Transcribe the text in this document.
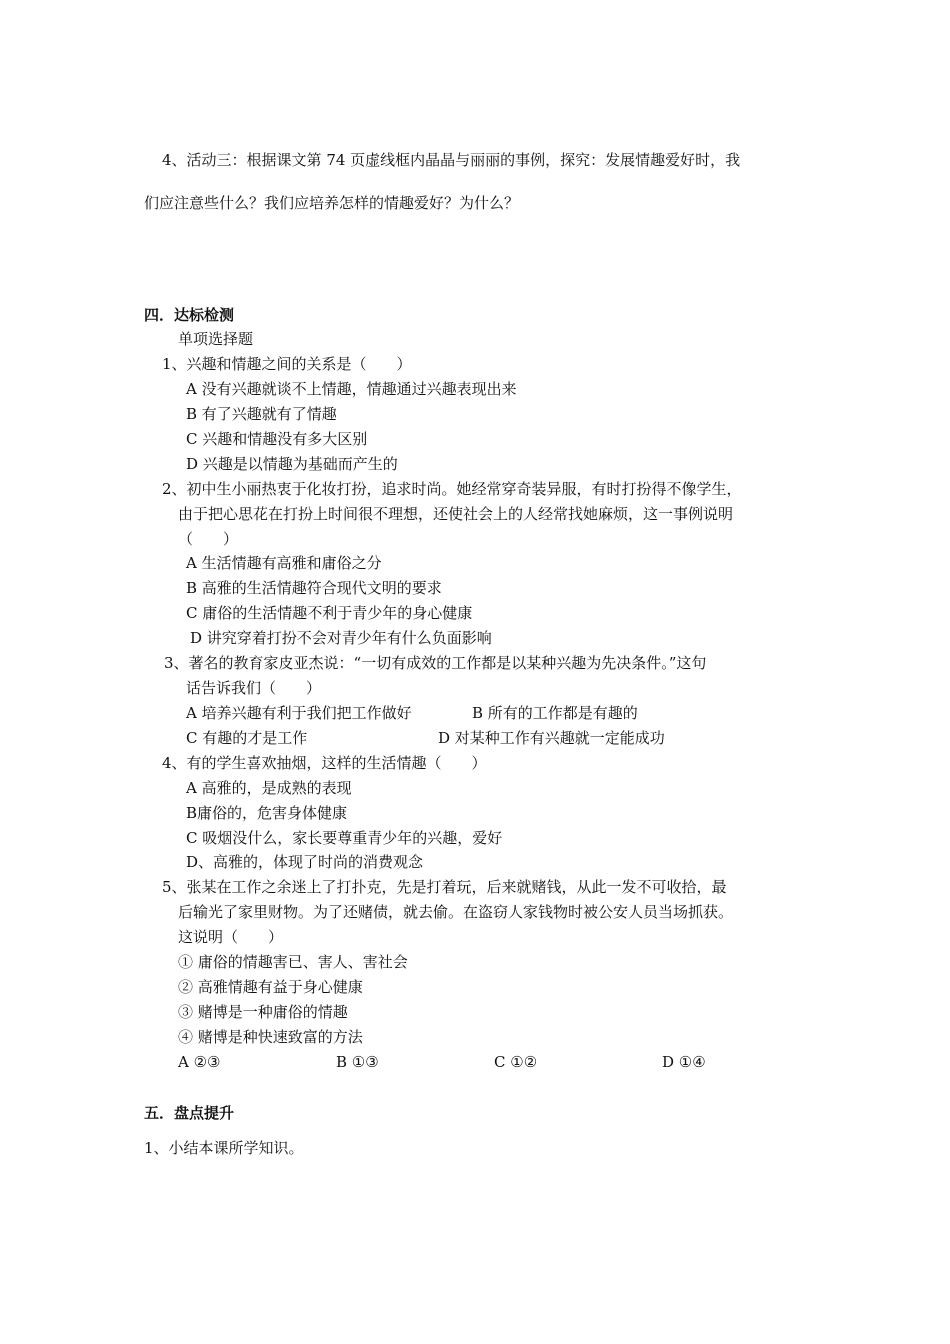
4、活动三：根据课文第 74 页虚线框内晶晶与丽丽的事例，探究：发展情趣爱好时，我
们应注意些什么？我们应培养怎样的情趣爱好？为什么？
四．达标检测
单项选择题
1、兴趣和情趣之间的关系是（　　）
A 没有兴趣就谈不上情趣，情趣通过兴趣表现出来
B 有了兴趣就有了情趣
C 兴趣和情趣没有多大区别
D 兴趣是以情趣为基础而产生的
2、初中生小丽热衷于化妆打扮，追求时尚。她经常穿奇装异服，有时打扮得不像学生，
由于把心思花在打扮上时间很不理想，还使社会上的人经常找她麻烦，这一事例说明
（　　）
A 生活情趣有高雅和庸俗之分
B 高雅的生活情趣符合现代文明的要求
C 庸俗的生活情趣不利于青少年的身心健康
D 讲究穿着打扮不会对青少年有什么负面影响
3、著名的教育家皮亚杰说：“一切有成效的工作都是以某种兴趣为先决条件。”这句
话告诉我们（　　）
A 培养兴趣有利于我们把工作做好	B 所有的工作都是有趣的
C 有趣的才是工作	D 对某种工作有兴趣就一定能成功
4、有的学生喜欢抽烟，这样的生活情趣（　　）
A 高雅的，是成熟的表现
B庸俗的，危害身体健康
C 吸烟没什么，家长要尊重青少年的兴趣，爱好
D、高雅的，体现了时尚的消费观念
5、张某在工作之余迷上了打扑克，先是打着玩，后来就赌钱，从此一发不可收拾，最
后输光了家里财物。为了还赌债，就去偷。在盗窃人家钱物时被公安人员当场抓获。
这说明（　　）
① 庸俗的情趣害已、害人、害社会
② 高雅情趣有益于身心健康
③ 赌博是一种庸俗的情趣
④ 赌博是种快速致富的方法
A ②③	B ①③	C ①②	D ①④
五．盘点提升
1、小结本课所学知识。
